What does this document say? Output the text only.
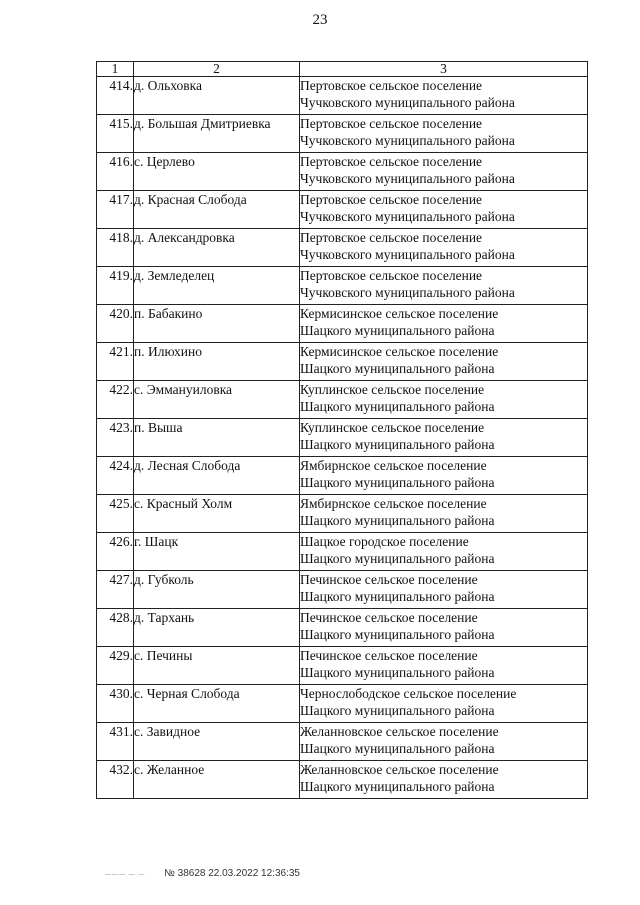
23
1	2	3
414.	д. Ольховка	Пертовское сельское поселение
Чучковского муниципального района

415.	д. Большая Дмитриевка	Пертовское сельское поселение
Чучковского муниципального района

416.	с. Церлево	Пертовское сельское поселение
Чучковского муниципального района

417.	д. Красная Слобода	Пертовское сельское поселение
Чучковского муниципального района

418.	д. Александровка	Пертовское сельское поселение
Чучковского муниципального района

419.	д. Земледелец	Пертовское сельское поселение
Чучковского муниципального района

420.	п. Бабакино	Кермисинское сельское поселение
Шацкого муниципального района

421.	п. Илюхино	Кермисинское сельское поселение
Шацкого муниципального района

422.	с. Эммануиловка	Куплинское сельское поселение
Шацкого муниципального района

423.	п. Выша	Куплинское сельское поселение
Шацкого муниципального района

424.	д. Лесная Слобода	Ямбирнское сельское поселение
Шацкого муниципального района

425.	с. Красный Холм	Ямбирнское сельское поселение
Шацкого муниципального района

426.	г. Шацк	Шацкое городское поселение
Шацкого муниципального района

427.	д. Губколь	Печинское сельское поселение
Шацкого муниципального района

428.	д. Тархань	Печинское сельское поселение
Шацкого муниципального района

429.	с. Печины	Печинское сельское поселение
Шацкого муниципального района

430.	с. Черная Слобода	Чернослободское сельское поселение
Шацкого муниципального района

431.	с. Завидное	Желанновское сельское поселение
Шацкого муниципального района

432.	с. Желанное	Желанновское сельское поселение
Шацкого муниципального района
——— — — № 38628 22.03.2022 12:36:35
